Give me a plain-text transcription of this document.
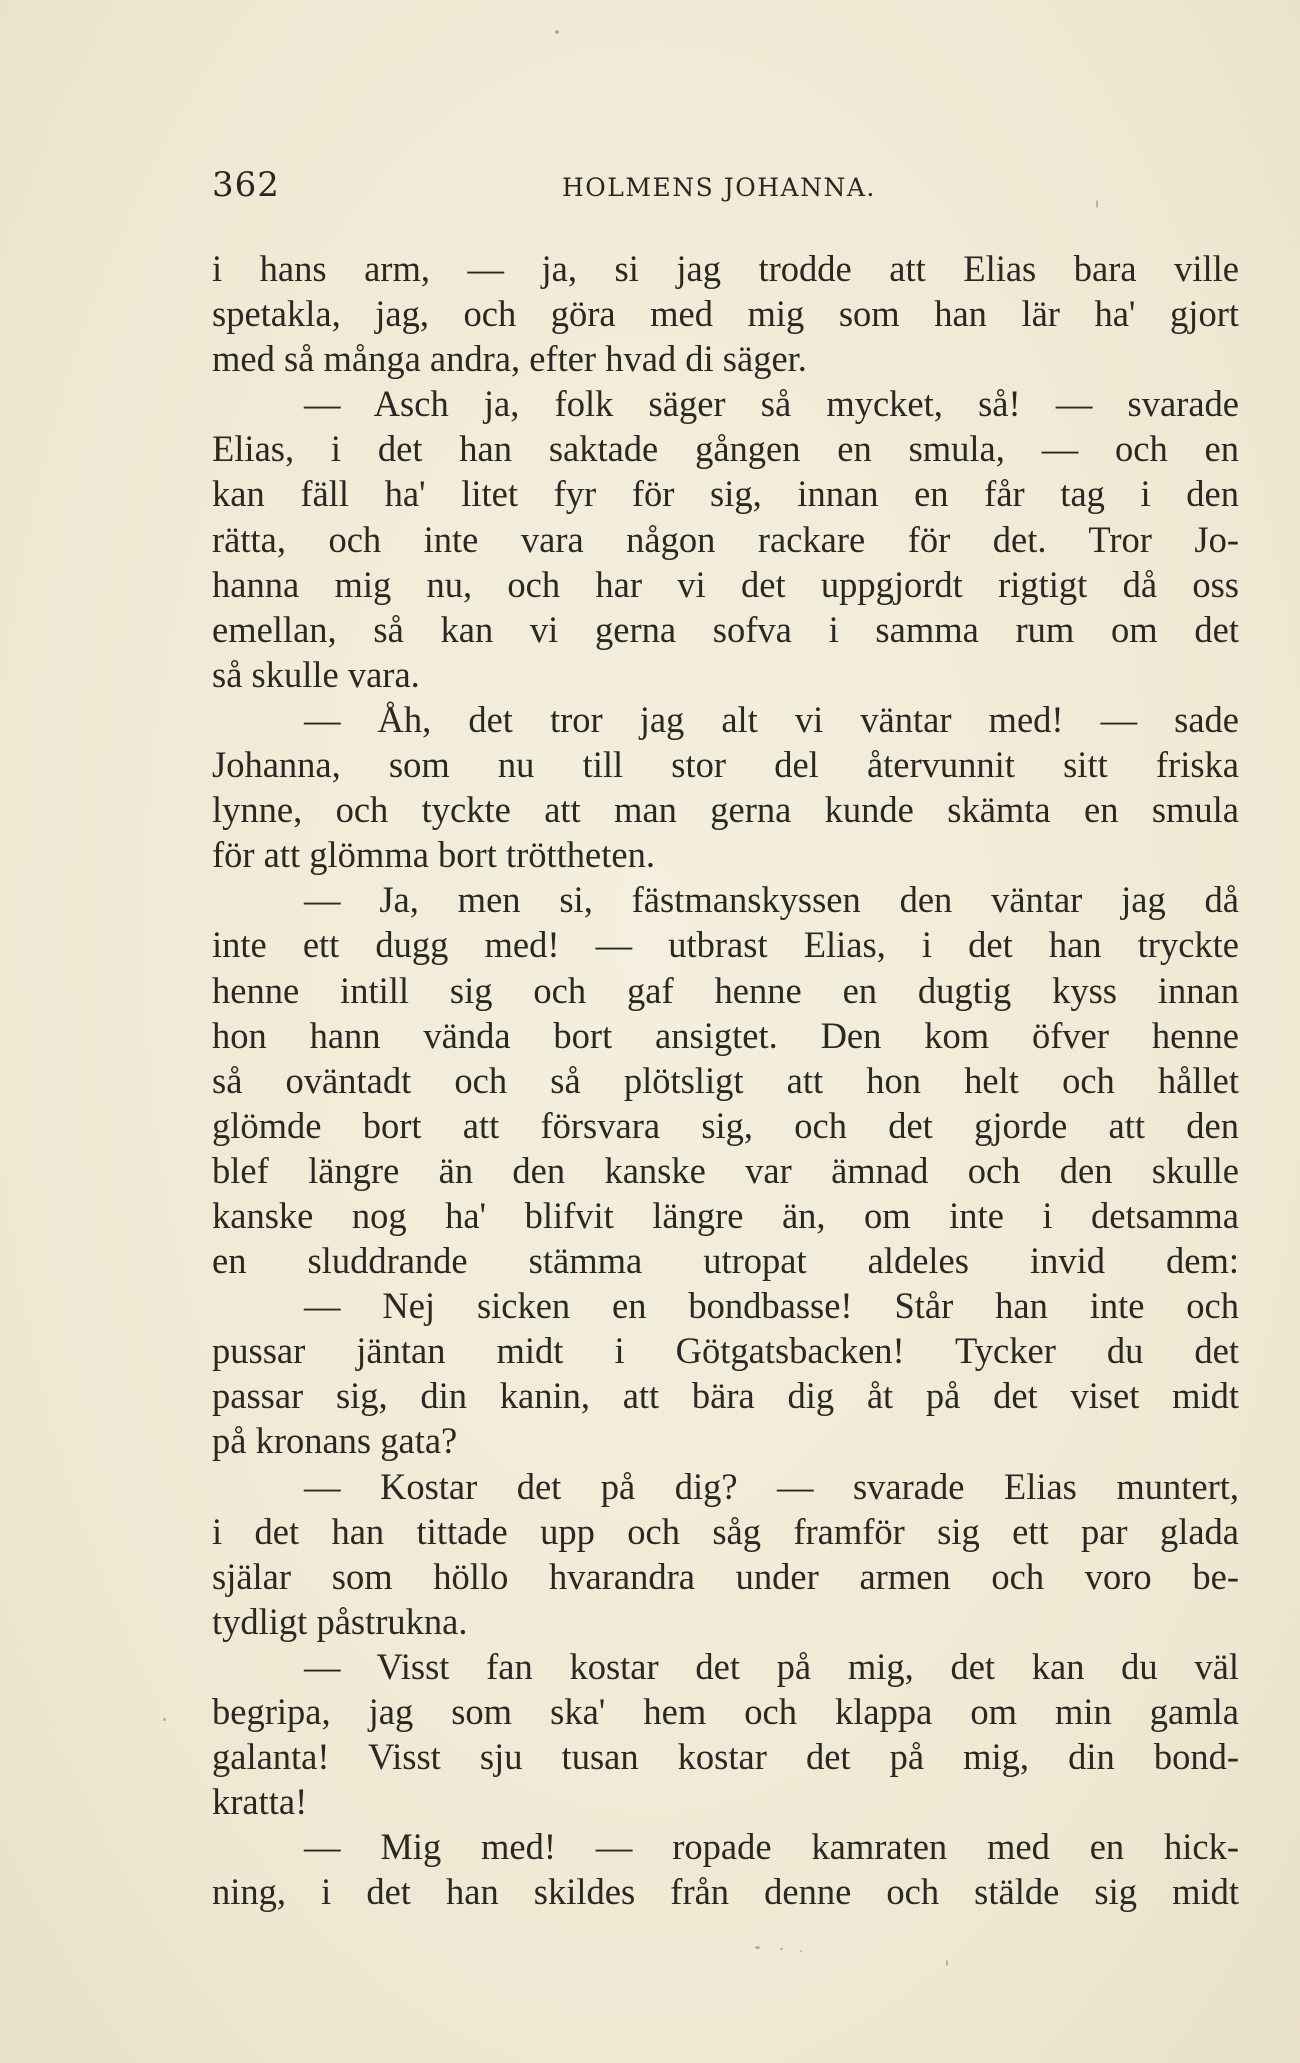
362	HOLMENS JOHANNA.
i hans arm, — ja, si jag trodde att Elias bara ville
spetakla, jag, och göra med mig som han lär ha' gjort
med så många andra, efter hvad di säger.
— Asch ja, folk säger så mycket, så! — svarade
Elias, i det han saktade gången en smula, — och en
kan fäll ha' litet fyr för sig, innan en får tag i den
rätta, och inte vara någon rackare för det. Tror Jo-
hanna mig nu, och har vi det uppgjordt rigtigt då oss
emellan, så kan vi gerna sofva i samma rum om det
så skulle vara.
— Åh, det tror jag alt vi väntar med! — sade
Johanna, som nu till stor del återvunnit sitt friska
lynne, och tyckte att man gerna kunde skämta en smula
för att glömma bort tröttheten.
— Ja, men si, fästmanskyssen den väntar jag då
inte ett dugg med! — utbrast Elias, i det han tryckte
henne intill sig och gaf henne en dugtig kyss innan
hon hann vända bort ansigtet. Den kom öfver henne
så oväntadt och så plötsligt att hon helt och hållet
glömde bort att försvara sig, och det gjorde att den
blef längre än den kanske var ämnad och den skulle
kanske nog ha' blifvit längre än, om inte i detsamma
en sluddrande stämma utropat aldeles invid dem:
— Nej sicken en bondbasse! Står han inte och
pussar jäntan midt i Götgatsbacken! Tycker du det
passar sig, din kanin, att bära dig åt på det viset midt
på kronans gata?
— Kostar det på dig? — svarade Elias muntert,
i det han tittade upp och såg framför sig ett par glada
själar som höllo hvarandra under armen och voro be-
tydligt påstrukna.
— Visst fan kostar det på mig, det kan du väl
begripa, jag som ska' hem och klappa om min gamla
galanta! Visst sju tusan kostar det på mig, din bond-
kratta!
— Mig med! — ropade kamraten med en hick-
ning, i det han skildes från denne och stälde sig midt
